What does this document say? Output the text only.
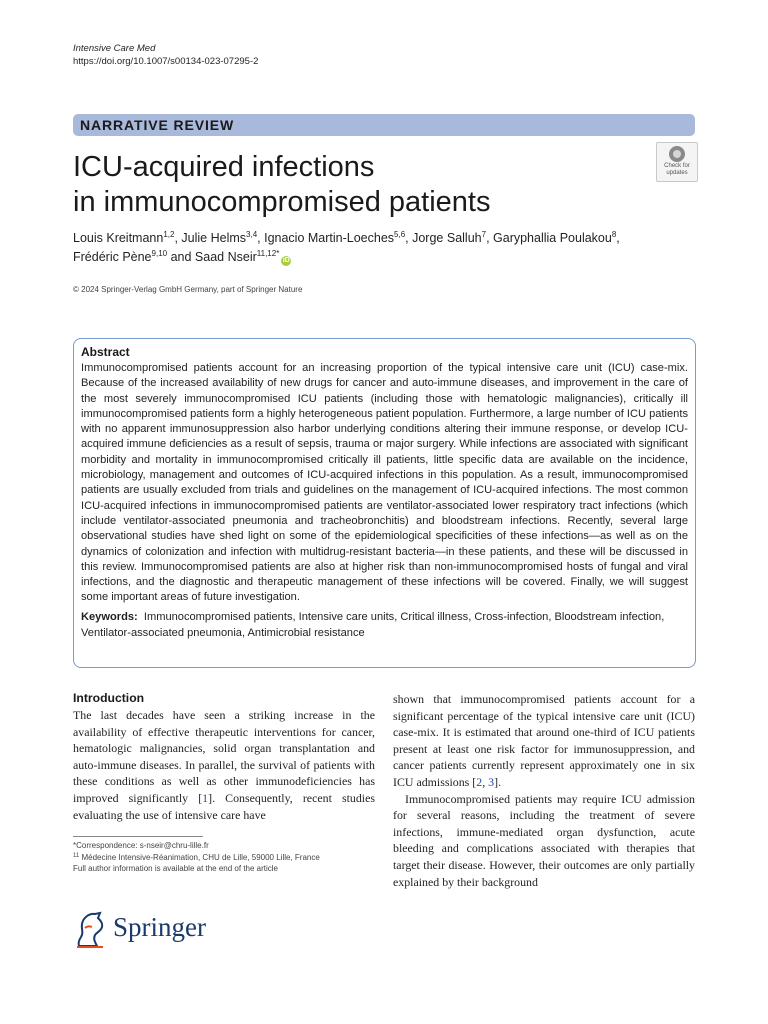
Intensive Care Med
https://doi.org/10.1007/s00134-023-07295-2
NARRATIVE REVIEW
ICU-acquired infections
in immunocompromised patients
Check for
updates
Louis Kreitmann$^{1,2}$, Julie Helms$^{3,4}$, Ignacio Martin-Loeches$^{5,6}$, Jorge Salluh$^7$, Garyphallia Poulakou$^8$,
Frédéric Pène$^{9,10}$ and Saad Nseir$^{11,12*}$iD
© 2024 Springer-Verlag GmbH Germany, part of Springer Nature
Abstract
Immunocompromised patients account for an increasing proportion of the typical intensive care unit (ICU) case-mix. Because of the increased availability of new drugs for cancer and auto-immune diseases, and improvement in the care of the most severely immunocompromised ICU patients (including those with hematologic malignancies), critically ill immunocompromised patients form a highly heterogeneous patient population. Furthermore, a large number of ICU patients with no apparent immunosuppression also harbor underlying conditions altering their immune response, or develop ICU-acquired immune deficiencies as a result of sepsis, trauma or major surgery. While infections are associated with significant morbidity and mortality in immunocompromised critically ill patients, little specific data are available on the incidence, microbiology, management and outcomes of ICU-acquired infections in this population. As a result, immunocompromised patients are usually excluded from trials and guidelines on the management of ICU-acquired infections. The most common ICU-acquired infections in immunocompromised patients are ventilator-associated lower respiratory tract infections (which include ventilator-associated pneumonia and tracheobronchitis) and bloodstream infections. Recently, several large observational studies have shed light on some of the epidemiological specificities of these infections—as well as on the dynamics of colonization and infection with multidrug-resistant bacteria—in these patients, and these will be discussed in this review. Immunocompromised patients are also at higher risk than non-immunocompromised hosts of fungal and viral infections, and the diagnostic and therapeutic management of these infections will be covered. Finally, we will suggest some important areas of future investigation.
Keywords: Immunocompromised patients, Intensive care units, Critical illness, Cross-infection, Bloodstream infection, Ventilator-associated pneumonia, Antimicrobial resistance
Introduction
The last decades have seen a striking increase in the availability of effective therapeutic interventions for cancer, hematologic malignancies, solid organ transplantation and auto-immune diseases. In parallel, the survival of patients with these conditions as well as other immunodeficiencies has improved significantly [1]. Consequently, recent studies evaluating the use of intensive care have
shown that immunocompromised patients account for a significant percentage of the typical intensive care unit (ICU) case-mix. It is estimated that around one-third of ICU patients present at least one risk factor for immunosuppression, and cancer patients currently represent approximately one in six ICU admissions [2, 3].
Immunocompromised patients may require ICU admission for several reasons, including the treatment of severe infections, immune-mediated organ dysfunction, acute bleeding and complications associated with therapies that target their disease. However, their outcomes are only partially explained by their background
*Correspondence: s-nseir@chru-lille.fr
$^{11}$ Médecine Intensive-Réanimation, CHU de Lille, 59000 Lille, France
Full author information is available at the end of the article
Springer
